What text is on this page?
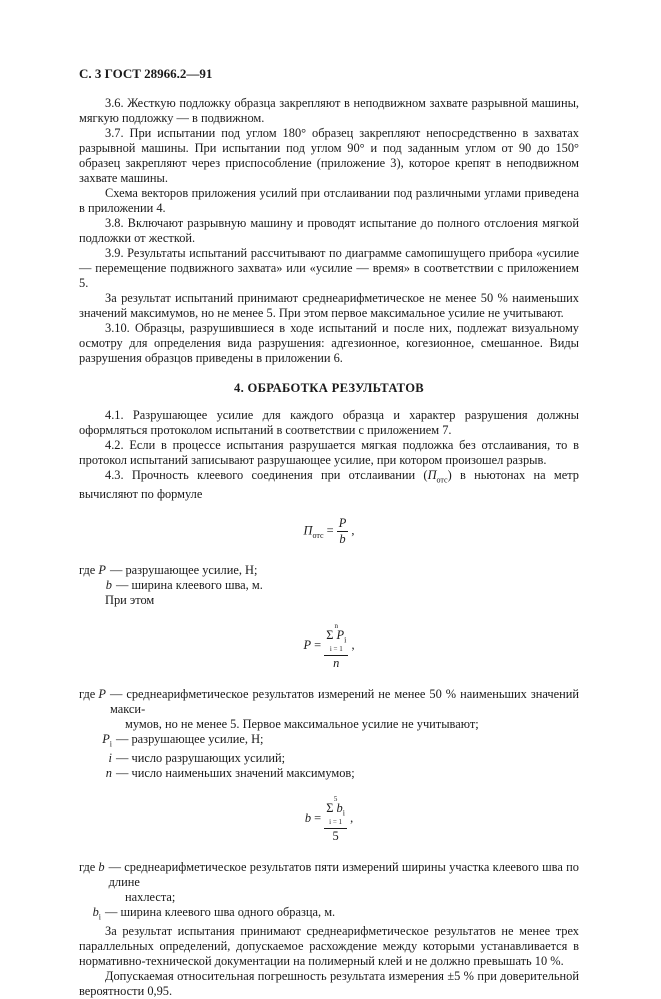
С. 3 ГОСТ 28966.2—91

3.6. Жесткую подложку образца закрепляют в неподвижном захвате разрывной машины, мягкую подложку — в подвижном.

3.7. При испытании под углом 180° образец закрепляют непосредственно в захватах разрывной машины. При испытании под углом 90° и под заданным углом от 90 до 150° образец закрепляют через приспособление (приложение 3), которое крепят в неподвижном захвате машины.

Схема векторов приложения усилий при отслаивании под различными углами приведена в приложении 4.

3.8. Включают разрывную машину и проводят испытание до полного отслоения мягкой подложки от жесткой.

3.9. Результаты испытаний рассчитывают по диаграмме самопишущего прибора «усилие — перемещение подвижного захвата» или «усилие — время» в соответствии с приложением 5.

За результат испытаний принимают среднеарифметическое не менее 50 % наименьших значений максимумов, но не менее 5. При этом первое максимальное усилие не учитывают.

3.10. Образцы, разрушившиеся в ходе испытаний и после них, подлежат визуальному осмотру для определения вида разрушения: адгезионное, когезионное, смешанное. Виды разрушения образцов приведены в приложении 6.

4. ОБРАБОТКА РЕЗУЛЬТАТОВ

4.1. Разрушающее усилие для каждого образца и характер разрушения должны оформляться протоколом испытаний в соответствии с приложением 7.

4.2. Если в процессе испытания разрушается мягкая подложка без отслаивания, то в протокол испытаний записывают разрушающее усилие, при котором произошел разрыв.

4.3. Прочность клеевого соединения при отслаивании $(П_{отс})$ в ньютонах на метр вычисляют по формуле

$П_{отс} = \frac{P}{b}$ ,
где P — разрушающее усилие, Н;
b — ширина клеевого шва, м.

При этом

P = n
Σ $P_i$
i = 1
n ,
где P — среднеарифметическое результатов измерений не менее 50 % наименьших значений макси-
мумов, но не менее 5. Первое максимальное усилие не учитывают;
$P_i$ — разрушающее усилие, Н;
i — число разрушающих усилий;
n — число наименьших значений максимумов;
b = 5
Σ $b_i$
i = 1
5 ,
где b — среднеарифметическое результатов пяти измерений ширины участка клеевого шва по длине
нахлеста;
$b_i$ — ширина клеевого шва одного образца, м.

За результат испытания принимают среднеарифметическое результатов не менее трех параллельных определений, допускаемое расхождение между которыми устанавливается в нормативно-технической документации на полимерный клей и не должно превышать 10 %.

Допускаемая относительная погрешность результата измерения ±5 % при доверительной вероятности 0,95.
